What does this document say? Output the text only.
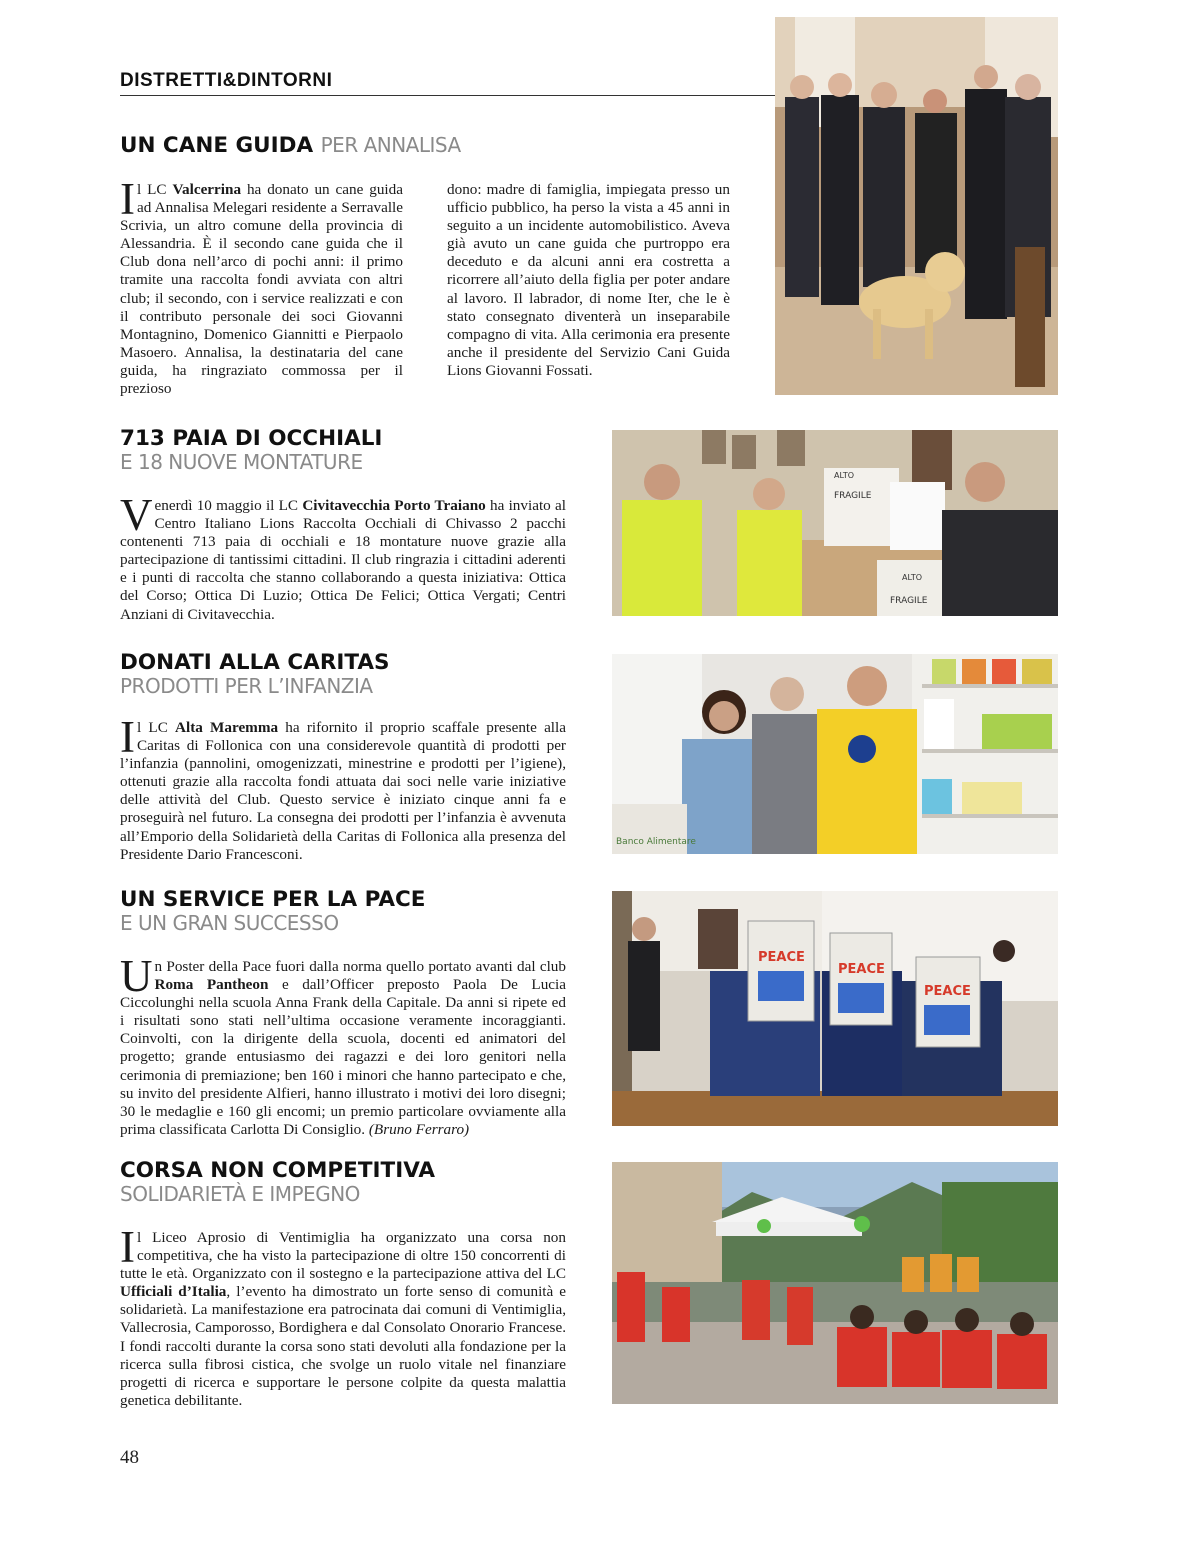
DISTRETTI&DINTORNI
UN CANE GUIDA PER ANNALISA
Il LC Valcerrina ha donato un cane guida ad Annalisa Melegari residente a Serravalle Scrivia, un altro comune della provincia di Alessandria. È il secondo cane guida che il Club dona nell’arco di pochi anni: il primo tramite una raccolta fondi avviata con altri club; il secondo, con i service realizzati e con il contributo personale dei soci Giovanni Montagnino, Domenico Giannitti e Pierpaolo Masoero. Annalisa, la destinataria del cane guida, ha ringraziato commossa per il prezioso
dono: madre di famiglia, impiegata presso un ufficio pubblico, ha perso la vista a 45 anni in seguito a un incidente automobilistico. Aveva già avuto un cane guida che purtroppo era deceduto e da alcuni anni era costretta a ricorrere all’aiuto della figlia per poter andare al lavoro. Il labrador, di nome Iter, che le è stato consegnato diventerà un inseparabile compagno di vita. Alla cerimonia era presente anche il presidente del Servizio Cani Guida Lions Giovanni Fossati.
713 PAIA DI OCCHIALI
E 18 NUOVE MONTATURE
Venerdì 10 maggio il LC Civitavecchia Porto Traiano ha inviato al Centro Italiano Lions Raccolta Occhiali di Chivasso 2 pacchi contenenti 713 paia di occhiali e 18 montature nuove grazie alla partecipazione di tantissimi cittadini. Il club ringrazia i cittadini aderenti e i punti di raccolta che stanno collaborando a questa iniziativa: Ottica del Corso; Ottica Di Luzio; Ottica De Felici; Ottica Vergati; Centri Anziani di Civitavecchia.
ALTO
FRAGILE
ALTO
FRAGILE
DONATI ALLA CARITAS
PRODOTTI PER L’INFANZIA
Il LC Alta Maremma ha rifornito il proprio scaffale presente alla Caritas di Follonica con una considerevole quantità di prodotti per l’infanzia (pannolini, omogenizzati, minestrine e prodotti per l’igiene), ottenuti grazie alla raccolta fondi attuata dai soci nelle varie iniziative delle attività del Club. Questo service è iniziato cinque anni fa e proseguirà nel futuro. La consegna dei prodotti per l’infanzia è avvenuta all’Emporio della Solidarietà della Caritas di Follonica alla presenza del Presidente Dario Francesconi.
Banco Alimentare
UN SERVICE PER LA PACE
E UN GRAN SUCCESSO
Un Poster della Pace fuori dalla norma quello portato avanti dal club Roma Pantheon e dall’Officer preposto Paola De Lucia Ciccolunghi nella scuola Anna Frank della Capitale. Da anni si ripete ed i risultati sono stati nell’ultima occasione veramente incoraggianti. Coinvolti, con la dirigente della scuola, docenti ed animatori del progetto; grande entusiasmo dei ragazzi e dei loro genitori nella cerimonia di premiazione; ben 160 i minori che hanno partecipato e che, su invito del presidente Alfieri, hanno illustrato i motivi dei loro disegni; 30 le medaglie e 160 gli encomi; un premio particolare ovviamente alla prima classificata Carlotta Di Consiglio. (Bruno Ferraro)
PEACE
PEACE
PEACE
CORSA NON COMPETITIVA
SOLIDARIETÀ E IMPEGNO
Il Liceo Aprosio di Ventimiglia ha organizzato una corsa non competitiva, che ha visto la partecipazione di oltre 150 concorrenti di tutte le età. Organizzato con il sostegno e la partecipazione attiva del LC Ufficiali d’Italia, l’evento ha dimostrato un forte senso di comunità e solidarietà. La manifestazione era patrocinata dai comuni di Ventimiglia, Vallecrosia, Camporosso, Bordighera e dal Consolato Onorario Francese. I fondi raccolti durante la corsa sono stati devoluti alla fondazione per la ricerca sulla fibrosi cistica, che svolge un ruolo vitale nel finanziare progetti di ricerca e supportare le persone colpite da questa malattia genetica debilitante.
48
